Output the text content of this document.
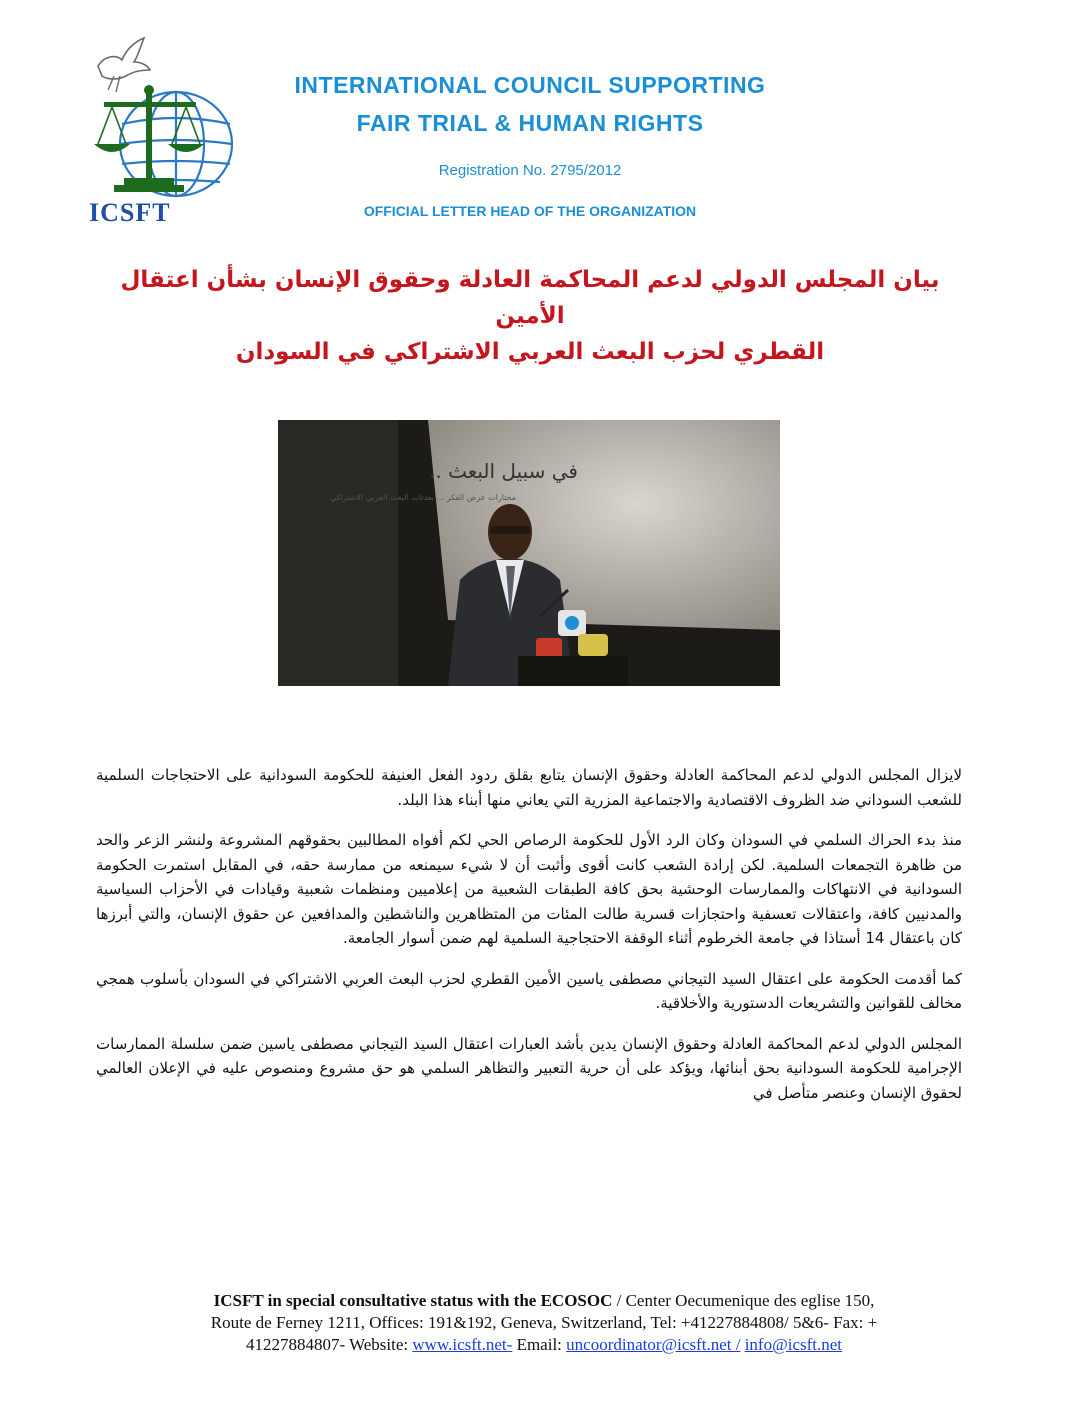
ICSFT
INTERNATIONAL COUNCIL SUPPORTING
FAIR TRIAL & HUMAN RIGHTS
Registration No. 2795/2012
OFFICIAL LETTER HEAD OF THE ORGANIZATION
بيان المجلس الدولي لدعم المحاكمة العادلة وحقوق الإنسان بشأن اعتقال الأمين
القطري لحزب البعث العربي الاشتراكي في السودان
في سبيل البعث ..
مختارات عرض الفكر ... بعدتات البعث العربي الاشتراكي

لايزال المجلس الدولي لدعم المحاكمة العادلة وحقوق الإنسان يتابع بقلق ردود الفعل العنيفة للحكومة السودانية على الاحتجاجات السلمية للشعب السوداني ضد الظروف الاقتصادية والاجتماعية المزرية التي يعاني منها أبناء هذا البلد.

منذ بدء الحراك السلمي في السودان وكان الرد الأول للحكومة الرصاص الحي لكم أفواه المطالبين بحقوقهم المشروعة ولنشر الزعر والحد من ظاهرة التجمعات السلمية. لكن إرادة الشعب كانت أقوى وأثبت أن لا شيء سيمنعه من ممارسة حقه، في المقابل استمرت الحكومة السودانية في الانتهاكات والممارسات الوحشية بحق كافة الطبقات الشعبية من إعلاميين ومنظمات شعبية وقيادات في الأحزاب السياسية والمدنيين كافة، واعتقالات تعسفية واحتجازات قسرية طالت المئات من المتظاهرين والناشطين والمدافعين عن حقوق الإنسان، والتي أبرزها كان باعتقال 14 أستاذا في جامعة الخرطوم أثناء الوقفة الاحتجاجية السلمية لهم ضمن أسوار الجامعة.

كما أقدمت الحكومة على اعتقال السيد التيجاني مصطفى ياسين الأمين القطري لحزب البعث العربي الاشتراكي في السودان بأسلوب همجي مخالف للقوانين والتشريعات الدستورية والأخلاقية.

المجلس الدولي لدعم المحاكمة العادلة وحقوق الإنسان يدين بأشد العبارات اعتقال السيد التيجاني مصطفى ياسين ضمن سلسلة الممارسات الإجرامية للحكومة السودانية بحق أبنائها، ويؤكد على أن حرية التعبير والتظاهر السلمي هو حق مشروع ومنصوص عليه في الإعلان العالمي لحقوق الإنسان وعنصر متأصل في

ICSFT in special consultative status with the ECOSOC / Center Oecumenique des eglise 150,
Route de Ferney 1211, Offices: 191&192, Geneva, Switzerland, Tel: +41227884808/ 5&6- Fax: +
41227884807- Website: www.icsft.net- Email: uncoordinator@icsft.net / info@icsft.net
